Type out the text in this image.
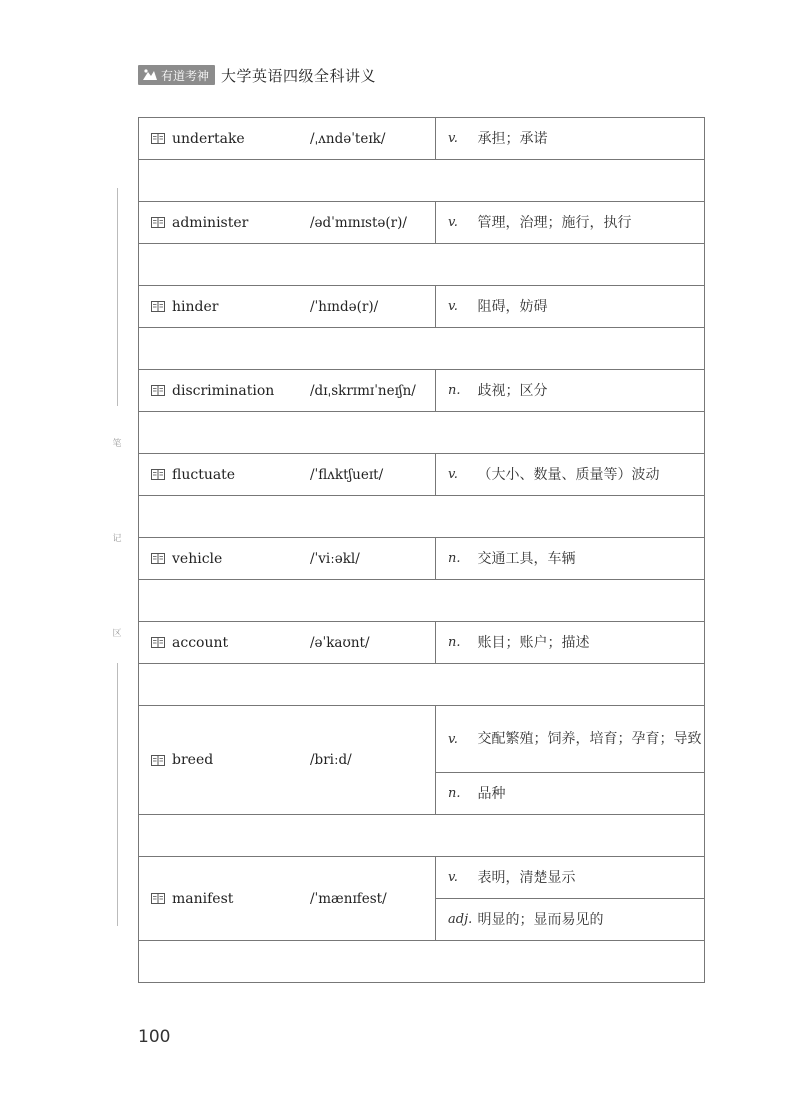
有道考神 大学英语四级全科讲义
笔
记
区
undertake /ˌʌndəˈteɪk/	v.	承担；承诺

administer /ədˈmɪnɪstə(r)/	v.	管理，治理；施行，执行

hinder /ˈhɪndə(r)/	v.	阻碍，妨碍

discrimination /dɪˌskrɪmɪˈneɪʃn/	n.	歧视；区分

fluctuate /ˈflʌktʃueɪt/	v.	（大小、数量、质量等）波动

vehicle /ˈviːəkl/	n.	交通工具，车辆

account /əˈkaʊnt/	n.	账目；账户；描述

breed /briːd/	v.	交配繁殖；饲养，培育；孕育；导致

	n.	品种

manifest /ˈmænɪfest/	v.	表明，清楚显示

	adj.	明显的；显而易见的

100
